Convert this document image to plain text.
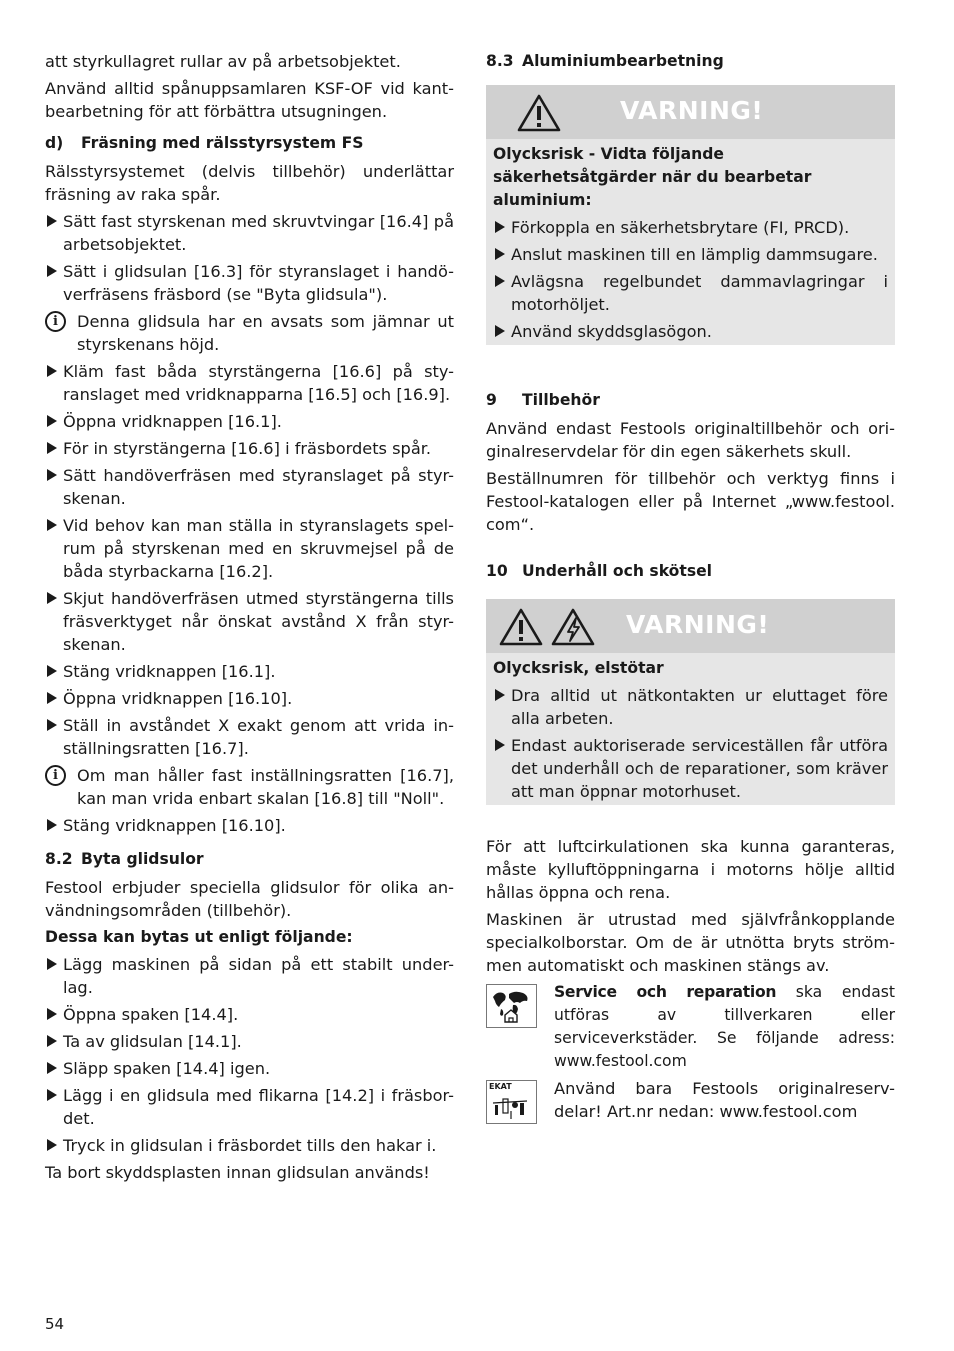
att styrkullagret rullar av på arbetsobjektet.

Använd alltid spånuppsamlaren KSF-OF vid kant-bearbetning för att förbättra utsugningen.

d) Fräsning med rälsstyrsystem FS

Rälsstyrsystemet (delvis tillbehör) underlättar fräsning av raka spår.

Sätt fast styrskenan med skruvtvingar [16.4] på arbetsobjektet.
Sätt i glidsulan [16.3] för styranslaget i handö-verfräsens fräsbord (se "Byta glidsula").
i	Denna glidsula har en avsats som jämnar ut styrskenans höjd.
Kläm fast båda styrstängerna [16.6] på sty-ranslaget med vridknapparna [16.5] och [16.9].
Öppna vridknappen [16.1].
För in styrstängerna [16.6] i fräsbordets spår.
Sätt handöverfräsen med styranslaget på styr-skenan.
Vid behov kan man ställa in styranslagets spel-rum på styrskenan med en skruvmejsel på de båda styrbackarna [16.2].
Skjut handöverfräsen utmed styrstängerna tills fräsverktyget når önskat avstånd X från styr-skenan.
Stäng vridknappen [16.1].
Öppna vridknappen [16.10].
Ställ in avståndet X exakt genom att vrida in-ställningsratten [16.7].
i	Om man håller fast inställningsratten [16.7], kan man vrida enbart skalan [16.8] till "Noll".
Stäng vridknappen [16.10].
8.2 Byta glidsulor

Festool erbjuder speciella glidsulor för olika an-vändningsområden (tillbehör).

Dessa kan bytas ut enligt följande:

Lägg maskinen på sidan på ett stabilt under-lag.
Öppna spaken [14.4].
Ta av glidsulan [14.1].
Släpp spaken [14.4] igen.
Lägg i en glidsula med flikarna [14.2] i fräsbor-det.
Tryck in glidsulan i fräsbordet tills den hakar i.

Ta bort skyddsplasten innan glidsulan används!

8.3 Aluminiumbearbetning
VARNING!
Olycksrisk - Vidta följande säkerhetsåtgärder när du bearbetar aluminium:
Förkoppla en säkerhetsbrytare (FI, PRCD).
Anslut maskinen till en lämplig dammsugare.
Avlägsna regelbundet dammavlagringar i motorhöljet.
Använd skyddsglasögon.
9 Tillbehör

Använd endast Festools originaltillbehör och ori-ginalreservdelar för din egen säkerhets skull.

Beställnumren för tillbehör och verktyg finns i Festool-katalogen eller på Internet „www.festool. com“.

10 Underhåll och skötsel
VARNING!
Olycksrisk, elstötar
Dra alltid ut nätkontakten ur eluttaget före alla arbeten.
Endast auktoriserade serviceställen får utföra det underhåll och de reparationer, som kräver att man öppnar motorhuset.

För att luftcirkulationen ska kunna garanteras, måste kylluftöppningarna i motorns hölje alltid hållas öppna och rena.

Maskinen är utrustad med självfrånkopplande specialkolborstar. Om de är utnötta bryts ström-men automatiskt och maskinen stängs av.

Service och reparation ska endast utföras av tillverkaren eller serviceverkstäder. Se följande adress: www.festool.com
EKAT	Använd bara Festools originalreserv-delar! Art.nr nedan: www.festool.com
54
